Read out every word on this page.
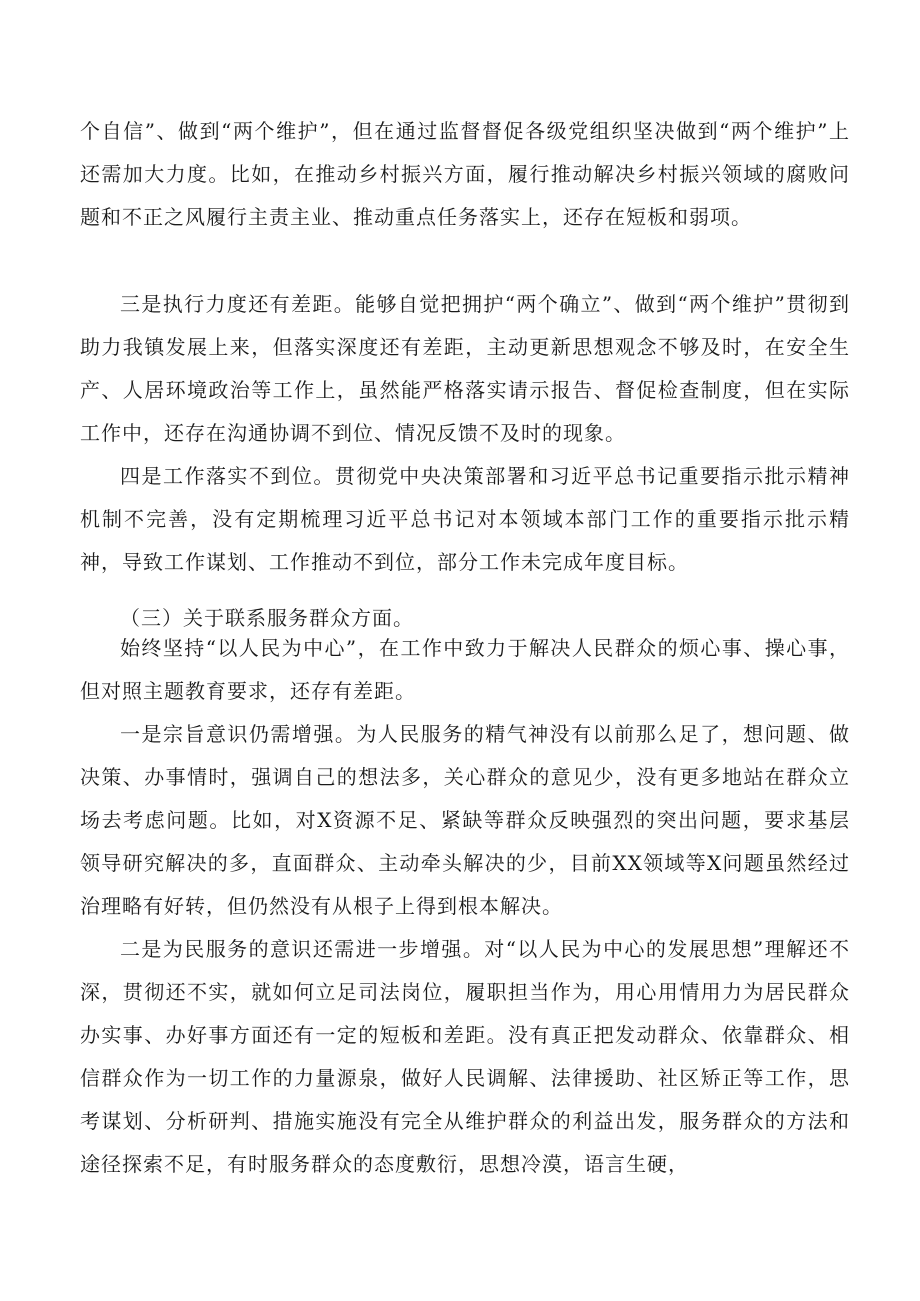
个自信”、做到“两个维护”，但在通过监督督促各级党组织坚决做到“两个维护”上还需加大力度。比如，在推动乡村振兴方面，履行推动解决乡村振兴领域的腐败问题和不正之风履行主责主业、推动重点任务落实上，还存在短板和弱项。

三是执行力度还有差距。能够自觉把拥护“两个确立”、做到“两个维护”贯彻到助力我镇发展上来，但落实深度还有差距，主动更新思想观念不够及时，在安全生产、人居环境政治等工作上，虽然能严格落实请示报告、督促检查制度，但在实际工作中，还存在沟通协调不到位、情况反馈不及时的现象。

四是工作落实不到位。贯彻党中央决策部署和习近平总书记重要指示批示精神机制不完善，没有定期梳理习近平总书记对本领域本部门工作的重要指示批示精神，导致工作谋划、工作推动不到位，部分工作未完成年度目标。

（三）关于联系服务群众方面。

始终坚持“以人民为中心”，在工作中致力于解决人民群众的烦心事、操心事，但对照主题教育要求，还存有差距。

一是宗旨意识仍需增强。为人民服务的精气神没有以前那么足了，想问题、做决策、办事情时，强调自己的想法多，关心群众的意见少，没有更多地站在群众立场去考虑问题。比如，对X资源不足、紧缺等群众反映强烈的突出问题，要求基层领导研究解决的多，直面群众、主动牵头解决的少，目前XX领域等X问题虽然经过治理略有好转，但仍然没有从根子上得到根本解决。

二是为民服务的意识还需进一步增强。对“以人民为中心的发展思想”理解还不深，贯彻还不实，就如何立足司法岗位，履职担当作为，用心用情用力为居民群众办实事、办好事方面还有一定的短板和差距。没有真正把发动群众、依靠群众、相信群众作为一切工作的力量源泉，做好人民调解、法律援助、社区矫正等工作，思考谋划、分析研判、措施实施没有完全从维护群众的利益出发，服务群众的方法和途径探索不足，有时服务群众的态度敷衍，思想冷漠，语言生硬，
